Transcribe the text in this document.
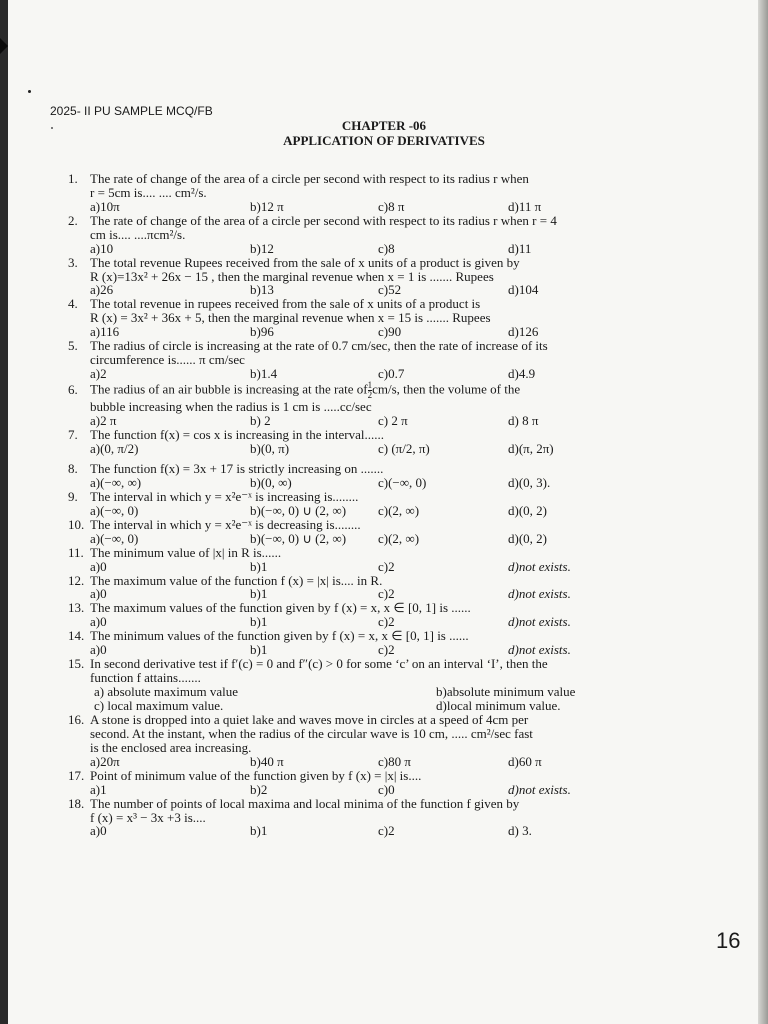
2025- II PU SAMPLE MCQ/FB
CHAPTER -06
APPLICATION OF DERIVATIVES
1. The rate of change of the area of a circle per second with respect to its radius r when
r = 5cm is.... .... cm²/s.
a)10π	b)12 π	c)8 π	d)11 π
2. The rate of change of the area of a circle per second with respect to its radius r when r = 4
cm is.... ....πcm²/s.
a)10	b)12	c)8	d)11
3. The total revenue Rupees received from the sale of x units of a product is given by
R (x)=13x² + 26x − 15 , then the marginal revenue when x = 1 is ....... Rupees
a)26	b)13	c)52	d)104
4. The total revenue in rupees received from the sale of x units of a product is
R (x) = 3x² + 36x + 5, then the marginal revenue when x = 15 is ....... Rupees
a)116	b)96	c)90	d)126
5. The radius of circle is increasing at the rate of 0.7 cm/sec, then the rate of increase of its
circumference is...... π cm/sec
a)2	b)1.4	c)0.7	d)4.9
6. The radius of an air bubble is increasing at the rate of $\frac{1}{2} cm/s$, then the volume of the
bubble increasing when the radius is 1 cm is .....cc/sec
a)2 π	b) 2	c) 2 π	d) 8 π
7. The function f(x) = cos x is increasing in the interval......
a)(0, π/2)	b)(0, π)	c) (π/2, π)	d)(π, 2π)
8. The function f(x) = 3x + 17 is strictly increasing on .......
a)(−∞, ∞)	b)(0, ∞)	c)(−∞, 0)	d)(0, 3).
9. The interval in which y = x²e⁻ˣ is increasing is........
a)(−∞, 0)	b)(−∞, 0) ∪ (2, ∞) c)(2, ∞)	d)(0, 2)
10. The interval in which y = x²e⁻ˣ is decreasing is........
a)(−∞, 0)	b)(−∞, 0) ∪ (2, ∞) c)(2, ∞)	d)(0, 2)
11. The minimum value of |x| in R is......
a)0	b)1	c)2	d)not exists.
12. The maximum value of the function f (x) = |x| is.... in R.
a)0	b)1	c)2	d)not exists.
13. The maximum values of the function given by f (x) = x, x ∈ [0, 1] is ......
a)0	b)1	c)2	d)not exists.
14. The minimum values of the function given by f (x) = x, x ∈ [0, 1] is ......
a)0	b)1	c)2	d)not exists.
15. In second derivative test if f′(c) = 0 and f″(c) > 0 for some ‘c’ on an interval ‘I’, then the
function f attains.......
a) absolute maximum value	b)absolute minimum value
c) local maximum value.	d)local minimum value.
16. A stone is dropped into a quiet lake and waves move in circles at a speed of 4cm per
second. At the instant, when the radius of the circular wave is 10 cm, ..... cm²/sec fast
is the enclosed area increasing.
a)20π	b)40 π	c)80 π	d)60 π
17. Point of minimum value of the function given by f (x) = |x| is....
a)1	b)2	c)0	d)not exists.
18. The number of points of local maxima and local minima of the function f given by
f (x) = x³ − 3x +3 is....
a)0	b)1	c)2	d) 3.
16
